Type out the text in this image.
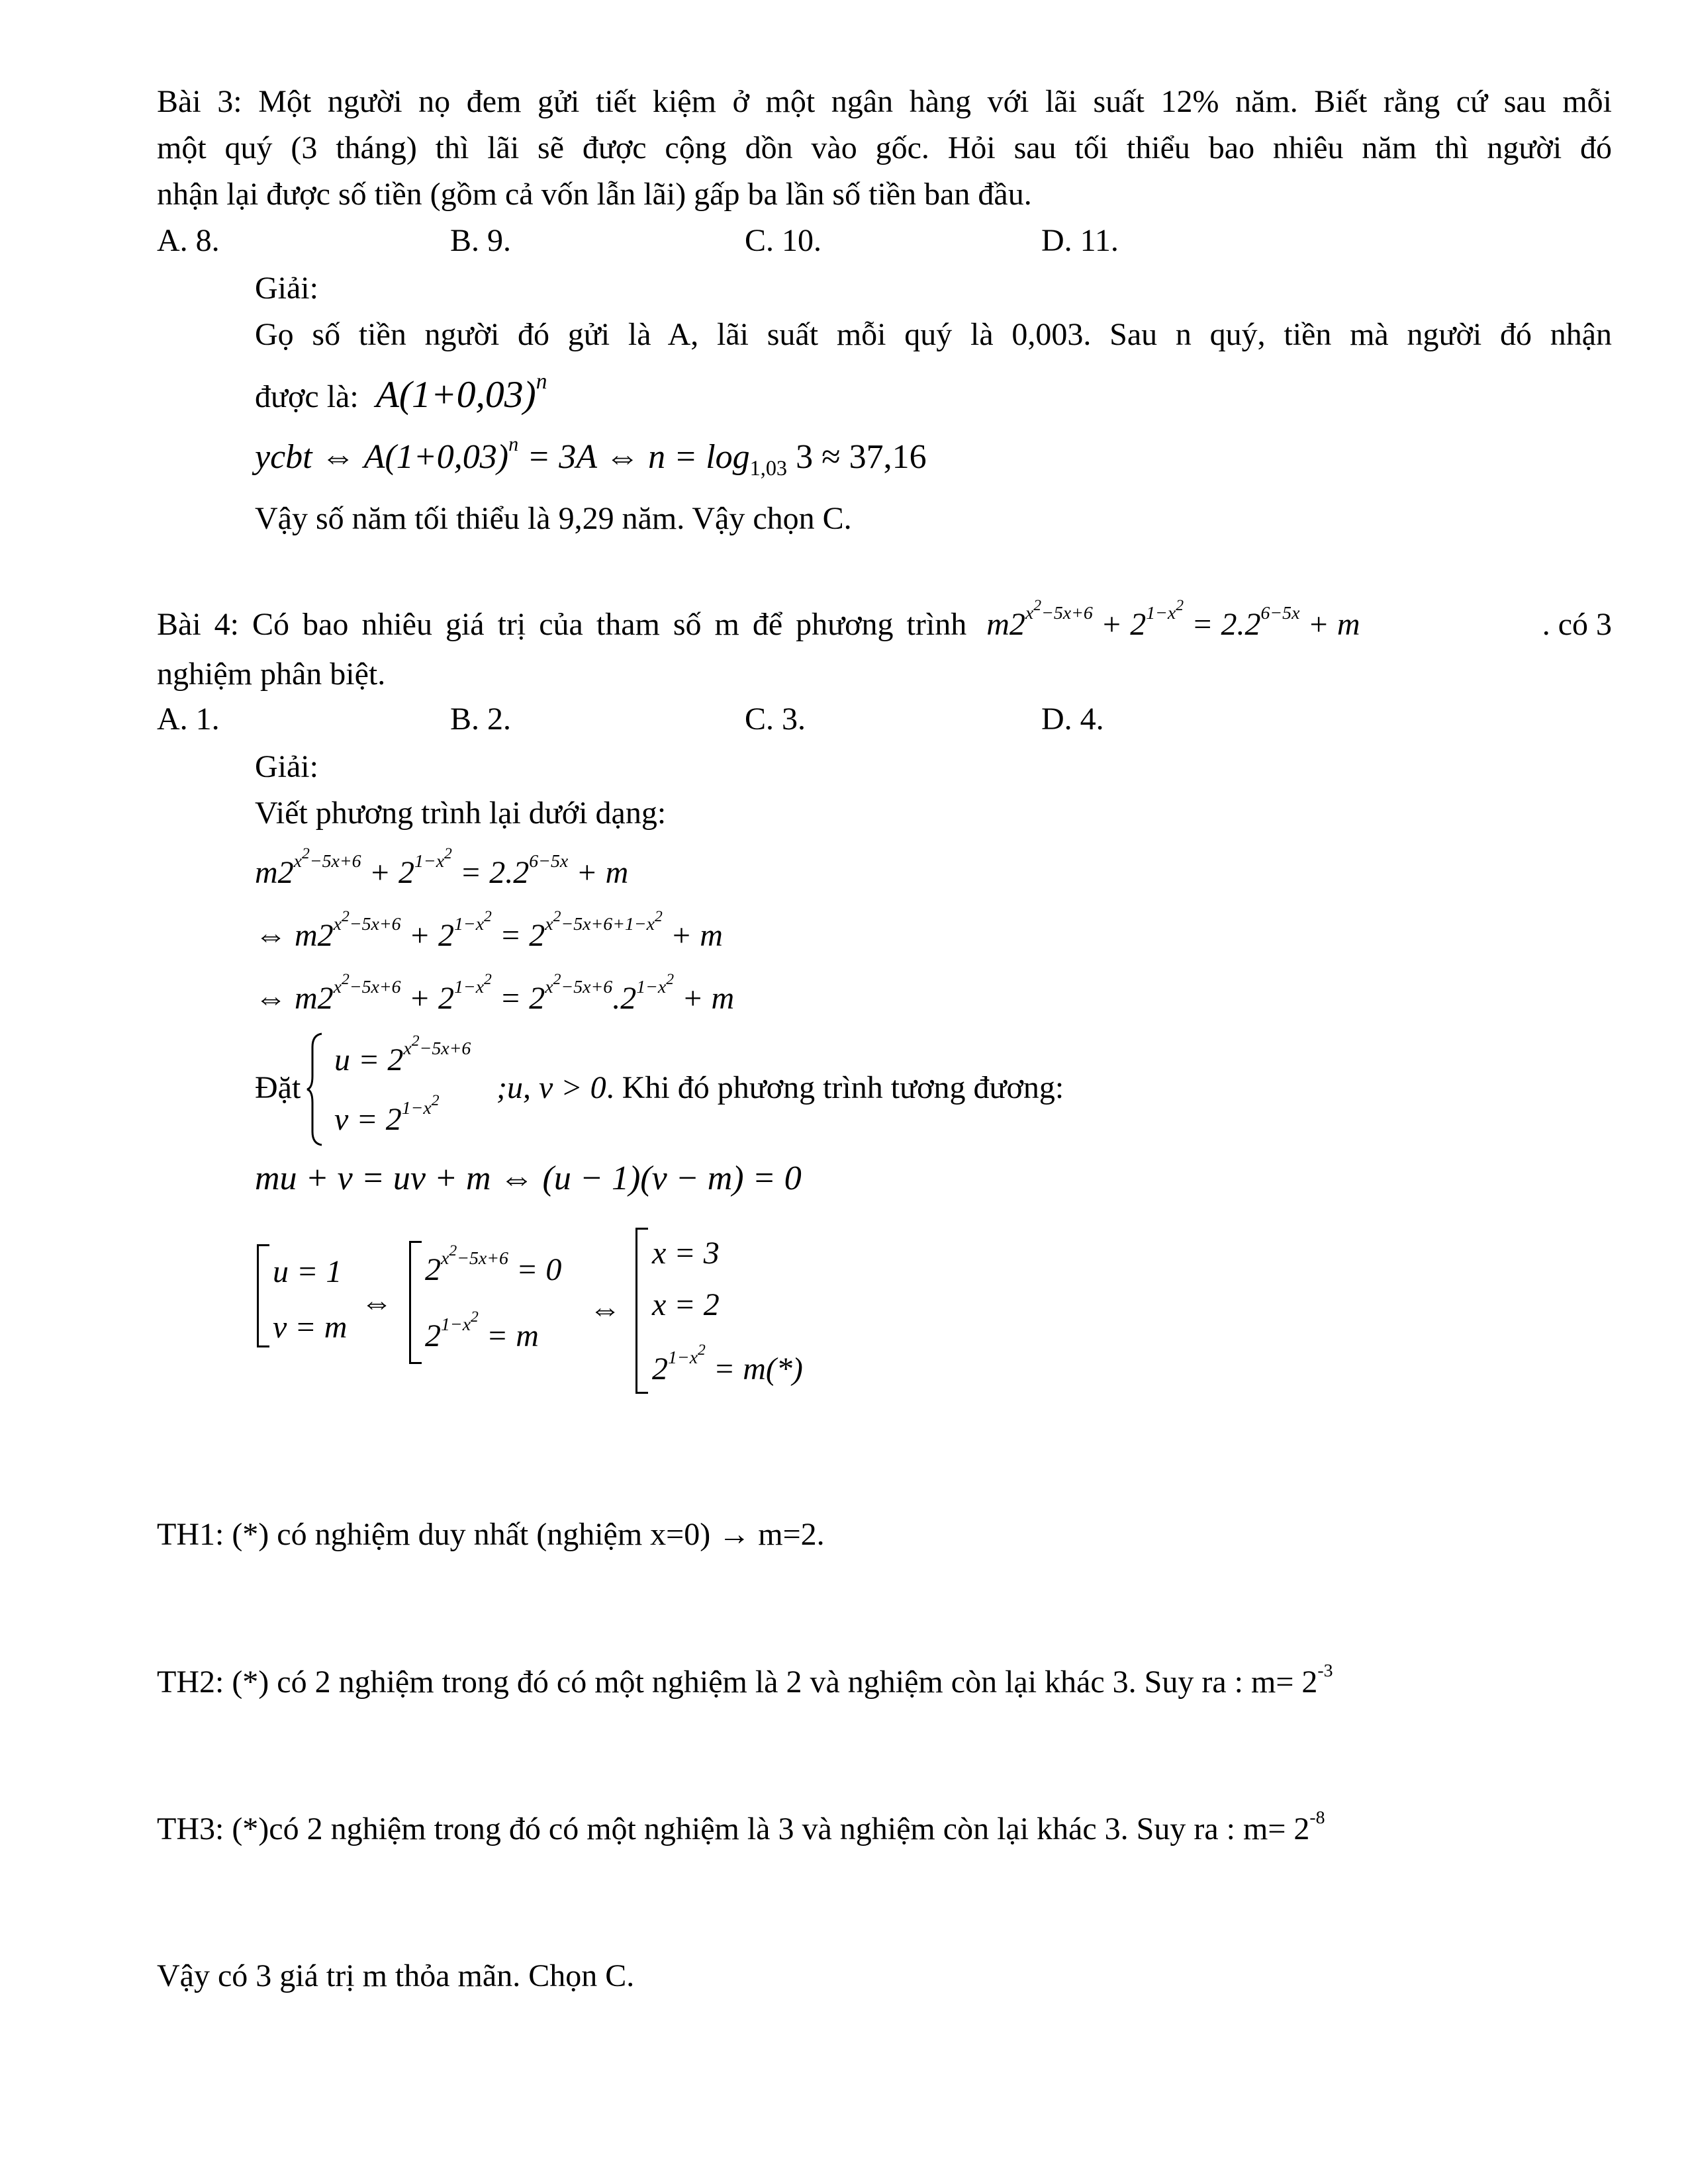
Bài 3: Một người nọ đem gửi tiết kiệm ở một ngân hàng với lãi suất 12% năm. Biết rằng cứ sau mỗi
một quý (3 tháng) thì lãi sẽ được cộng dồn vào gốc. Hỏi sau tối thiểu bao nhiêu năm thì người đó
nhận lại được số tiền (gồm cả vốn lẫn lãi) gấp ba lần số tiền ban đầu.
A. 8.	B. 9.	C. 10.	D. 11.
Giải:
Gọ số tiền người đó gửi là A, lãi suất mỗi quý là 0,003. Sau n quý, tiền mà người đó nhận
được là: $A(1+0,03)^n$
ycbt ⇔ $A(1+0,03)^n = 3A$ ⇔ $n = \log_{1,03} 3 \approx 37,16$
Vậy số năm tối thiểu là 9,29 năm. Vậy chọn C.
Bài 4: Có bao nhiêu giá trị của tham số m để phương trình $m2^{x^2-5x+6} + 2^{1-x^2} = 2.2^{6-5x} + m$	. có 3
nghiệm phân biệt.
A. 1.	B. 2.	C. 3.	D. 4.
Giải:
Viết phương trình lại dưới dạng:
$m2^{x^2-5x+6} + 2^{1-x^2} = 2.2^{6-5x} + m$
⇔ $m2^{x^2-5x+6} + 2^{1-x^2} = 2^{x^2-5x+6+1-x^2} + m$
⇔ $m2^{x^2-5x+6} + 2^{1-x^2} = 2^{x^2-5x+6}.2^{1-x^2} + m$
Đặt
$u = 2^{x^2-5x+6}$
$v = 2^{1-x^2}$ ;u, v > 0. Khi đó phương trình tương đương:
mu + v = uv + m ⇔ (u − 1)(v − m) = 0
u = 1
v = m
⇔
$2^{x^2-5x+6} = 0$
$2^{1-x^2} = m$
⇔
x = 3
x = 2
$2^{1-x^2} = m(*)$
TH1: (*) có nghiệm duy nhất (nghiệm x=0) → m=2.
TH2: (*) có 2 nghiệm trong đó có một nghiệm là 2 và nghiệm còn lại khác 3. Suy ra : $m= 2^{-3}$
TH3: (*)có 2 nghiệm trong đó có một nghiệm là 3 và nghiệm còn lại khác 3. Suy ra : $m= 2^{-8}$
Vậy có 3 giá trị m thỏa mãn. Chọn C.
